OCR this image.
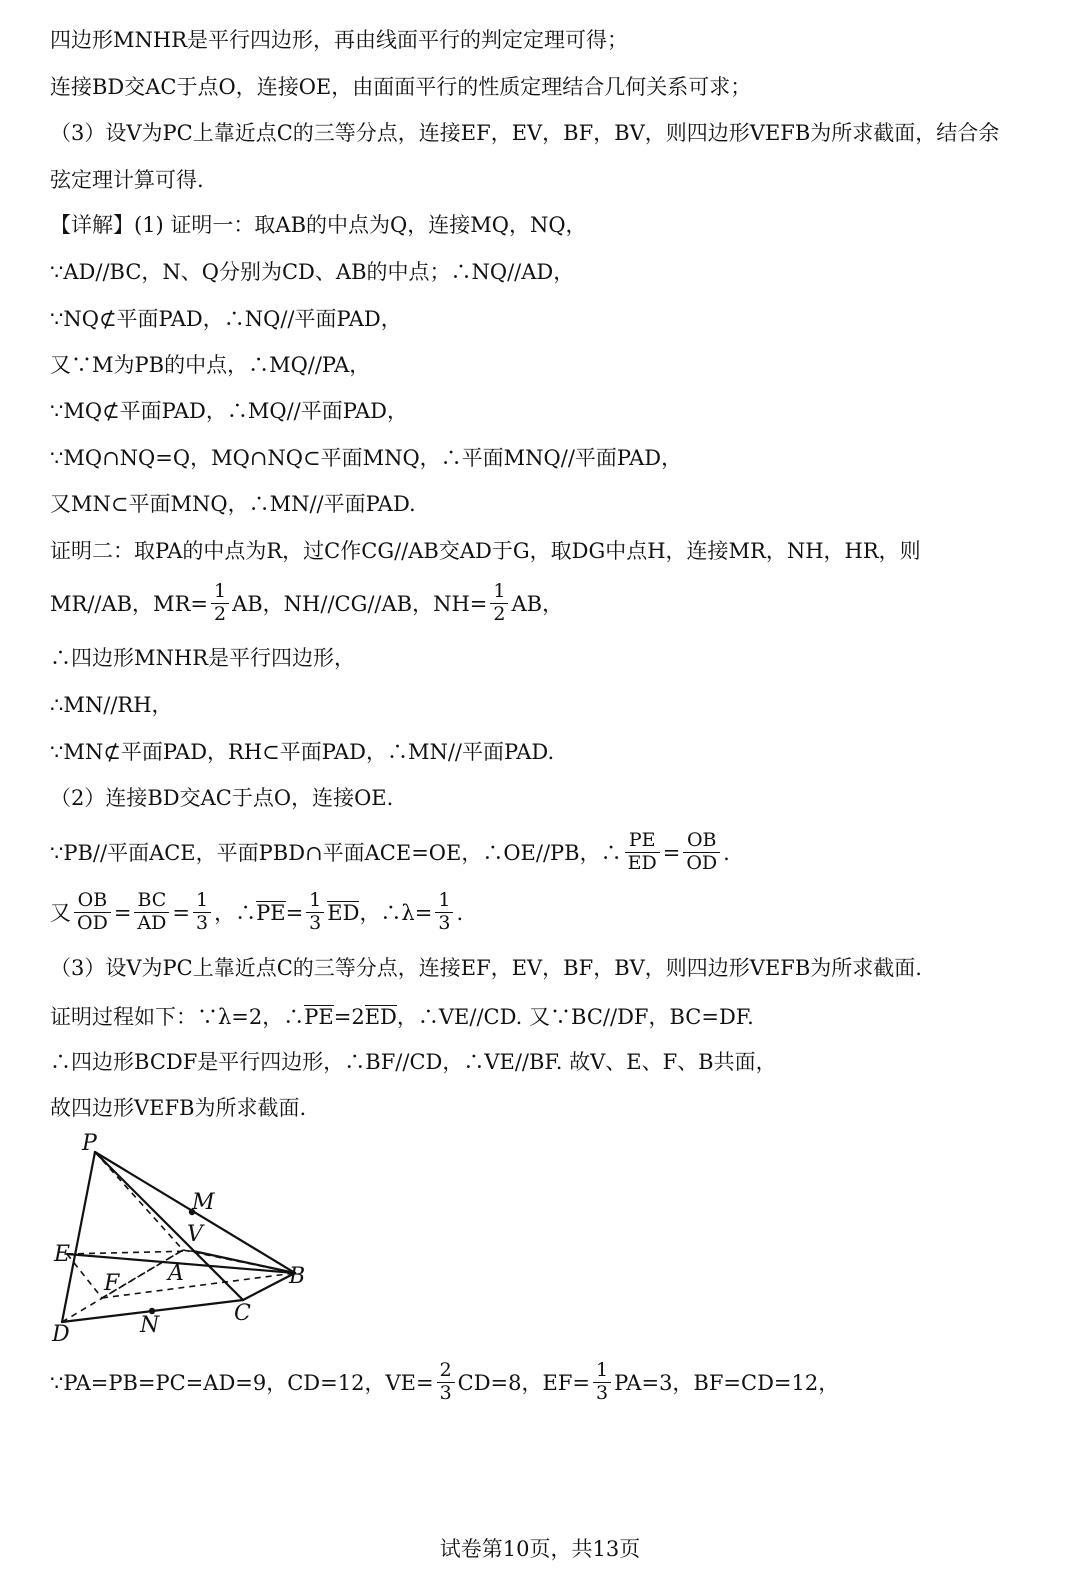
四边形MNHR是平行四边形，再由线面平行的判定定理可得；
连接BD交AC于点O，连接OE，由面面平行的性质定理结合几何关系可求；
（3）设V为PC上靠近点C的三等分点，连接EF，EV，BF，BV，则四边形VEFB为所求截面，结合余
弦定理计算可得.
【详解】(1) 证明一：取AB的中点为Q，连接MQ，NQ，
∵AD//BC，N、Q分别为CD、AB的中点；∴NQ//AD，
∵NQ⊄平面PAD，∴NQ//平面PAD，
又∵M为PB的中点，∴MQ//PA，
∵MQ⊄平面PAD，∴MQ//平面PAD，
∵MQ∩NQ=Q，MQ∩NQ⊂平面MNQ，∴平面MNQ//平面PAD，
又MN⊂平面MNQ，∴MN//平面PAD.
证明二：取PA的中点为R，过C作CG//AB交AD于G，取DG中点H，连接MR，NH，HR，则
MR//AB，$MR= \frac{1}{2}$ AB，NH//CG//AB，$NH= \frac{1}{2}$ AB，
∴四边形MNHR是平行四边形，
∴MN//RH，
∵MN⊄平面PAD，RH⊂平面PAD，∴MN//平面PAD.
（2）连接BD交AC于点O，连接OE.
∵PB//平面ACE，平面PBD∩平面ACE=OE，∴OE//PB，∴ $\frac{PE}{ED} = \frac{OB}{OD}$ .
又 $\frac{OB}{OD} = \frac{BC}{AD} = \frac{1}{3}$ ，∴PE= $\frac{1}{3}$ ED，∴λ= $\frac{1}{3}$ .
（3）设V为PC上靠近点C的三等分点，连接EF，EV，BF，BV，则四边形VEFB为所求截面.
证明过程如下：∵λ=2，∴PE=2ED，∴VE//CD. 又∵BC//DF，BC=DF.
∴四边形BCDF是平行四边形，∴BF//CD，∴VE//BF. 故V、E、F、B共面，
故四边形VEFB为所求截面.
P
M
V
E
A	B
F
C
D	N
∵PA=PB=PC=AD=9，CD=12，$VE= \frac{2}{3} CD=8$，$EF= \frac{1}{3} PA=3$，BF=CD=12，
试卷第10页，共13页
